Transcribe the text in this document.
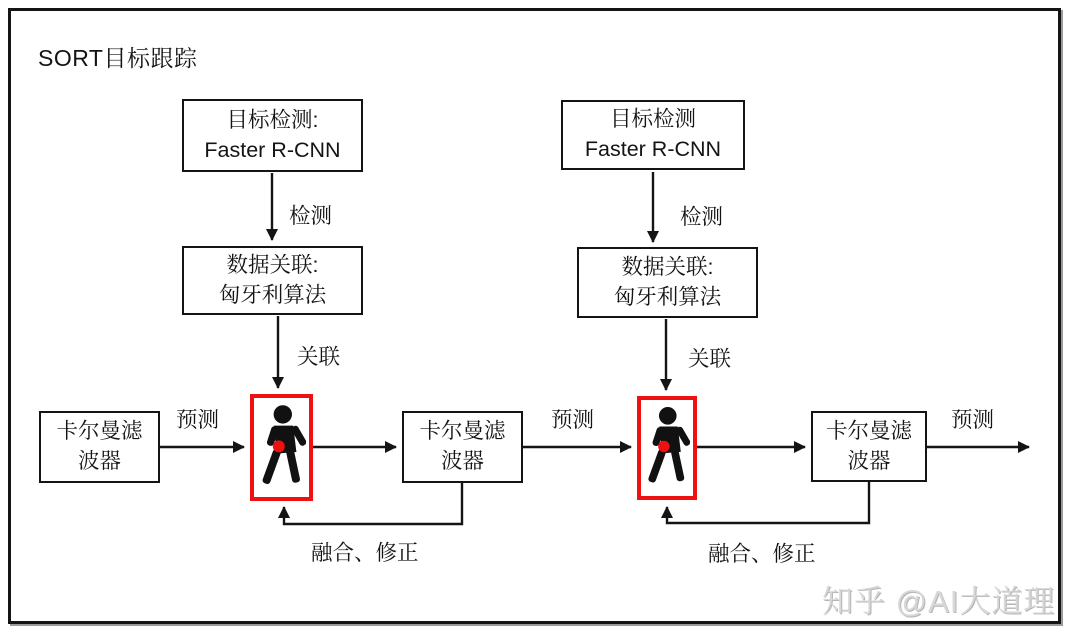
SORT目标跟踪
目标检测:
Faster R-CNN
检测
数据关联:
匈牙利算法
关联
卡尔曼滤
波器
预测	卡尔曼滤
波器
融合、修正
目标检测
Faster R-CNN
检测
数据关联:
匈牙利算法
关联
预测	卡尔曼滤
波器
预测
融合、修正
知乎 @AI大道理
